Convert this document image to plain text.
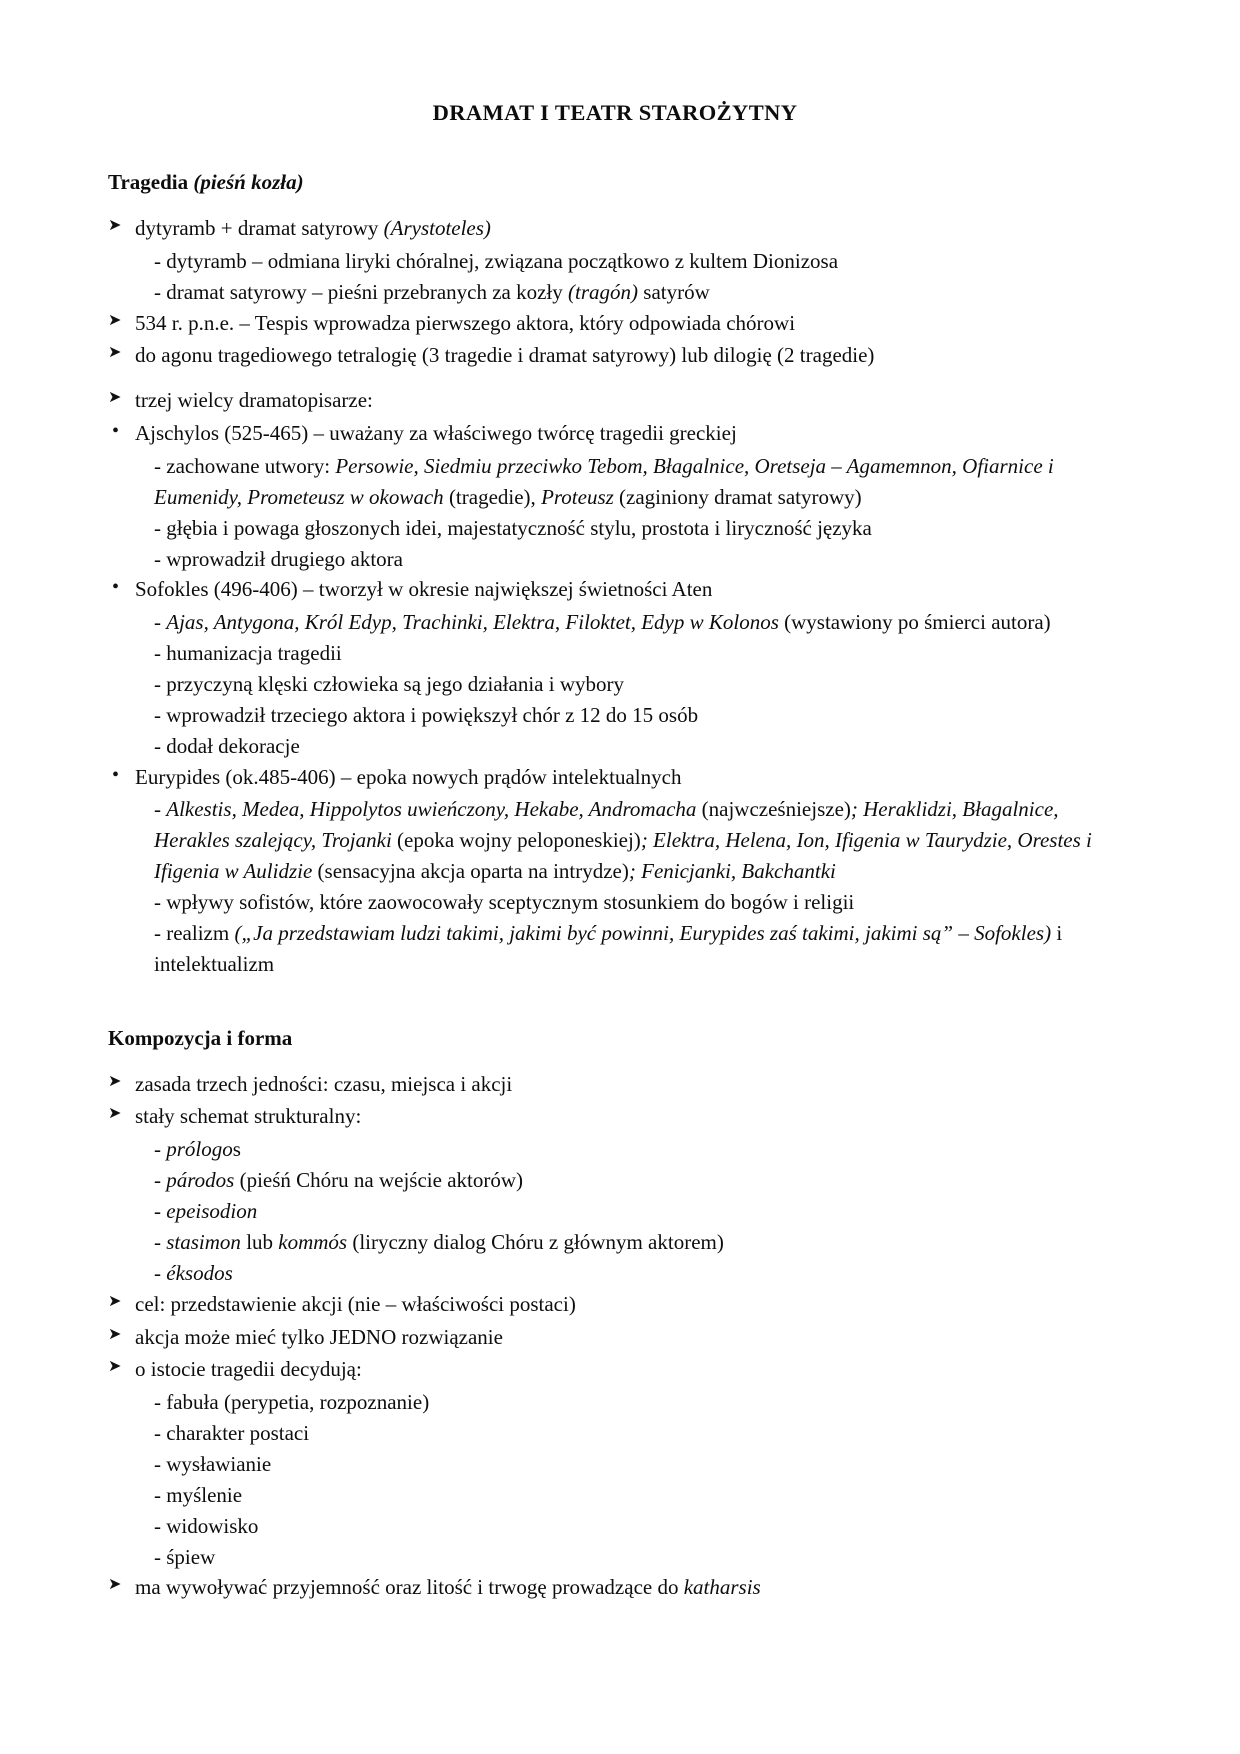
DRAMAT I TEATR STAROŻYTNY
Tragedia (pieśń kozła)
➤ dytyramb + dramat satyrowy (Arystoteles)
- dytyramb – odmiana liryki chóralnej, związana początkowo z kultem Dionizosa
- dramat satyrowy – pieśni przebranych za kozły (tragón) satyrów
➤ 534 r. p.n.e. – Tespis wprowadza pierwszego aktora, który odpowiada chórowi
➤ do agonu tragediowego tetralogię (3 tragedie i dramat satyrowy) lub dilogię (2 tragedie)
➤ trzej wielcy dramatopisarze:
• Ajschylos (525-465) – uważany za właściwego twórcę tragedii greckiej
- zachowane utwory: Persowie, Siedmiu przeciwko Tebom, Błagalnice, Oretseja – Agamemnon, Ofiarnice i Eumenidy, Prometeusz w okowach (tragedie), Proteusz (zaginiony dramat satyrowy)
- głębia i powaga głoszonych idei, majestatyczność stylu, prostota i liryczność języka
- wprowadził drugiego aktora
• Sofokles (496-406) – tworzył w okresie największej świetności Aten
- Ajas, Antygona, Król Edyp, Trachinki, Elektra, Filoktet, Edyp w Kolonos (wystawiony po śmierci autora)
- humanizacja tragedii
- przyczyną klęski człowieka są jego działania i wybory
- wprowadził trzeciego aktora i powiększył chór z 12 do 15 osób
- dodał dekoracje
• Eurypides (ok.485-406) – epoka nowych prądów intelektualnych
- Alkestis, Medea, Hippolytos uwieńczony, Hekabe, Andromacha (najwcześniejsze); Heraklidzi, Błagalnice, Herakles szalejący, Trojanki (epoka wojny peloponeskiej); Elektra, Helena, Ion, Ifigenia w Taurydzie, Orestes i Ifigenia w Aulidzie (sensacyjna akcja oparta na intrydze); Fenicjanki, Bakchantki
- wpływy sofistów, które zaowocowały sceptycznym stosunkiem do bogów i religii
- realizm („Ja przedstawiam ludzi takimi, jakimi być powinni, Eurypides zaś takimi, jakimi są” – Sofokles) i intelektualizm
Kompozycja i forma
➤ zasada trzech jedności: czasu, miejsca i akcji
➤ stały schemat strukturalny:
- prólogos
- párodos (pieśń Chóru na wejście aktorów)
- epeisodion
- stasimon lub kommós (liryczny dialog Chóru z głównym aktorem)
- éksodos
➤ cel: przedstawienie akcji (nie – właściwości postaci)
➤ akcja może mieć tylko JEDNO rozwiązanie
➤ o istocie tragedii decydują:
- fabuła (perypetia, rozpoznanie)
- charakter postaci
- wysławianie
- myślenie
- widowisko
- śpiew
➤ ma wywoływać przyjemność oraz litość i trwogę prowadzące do katharsis
